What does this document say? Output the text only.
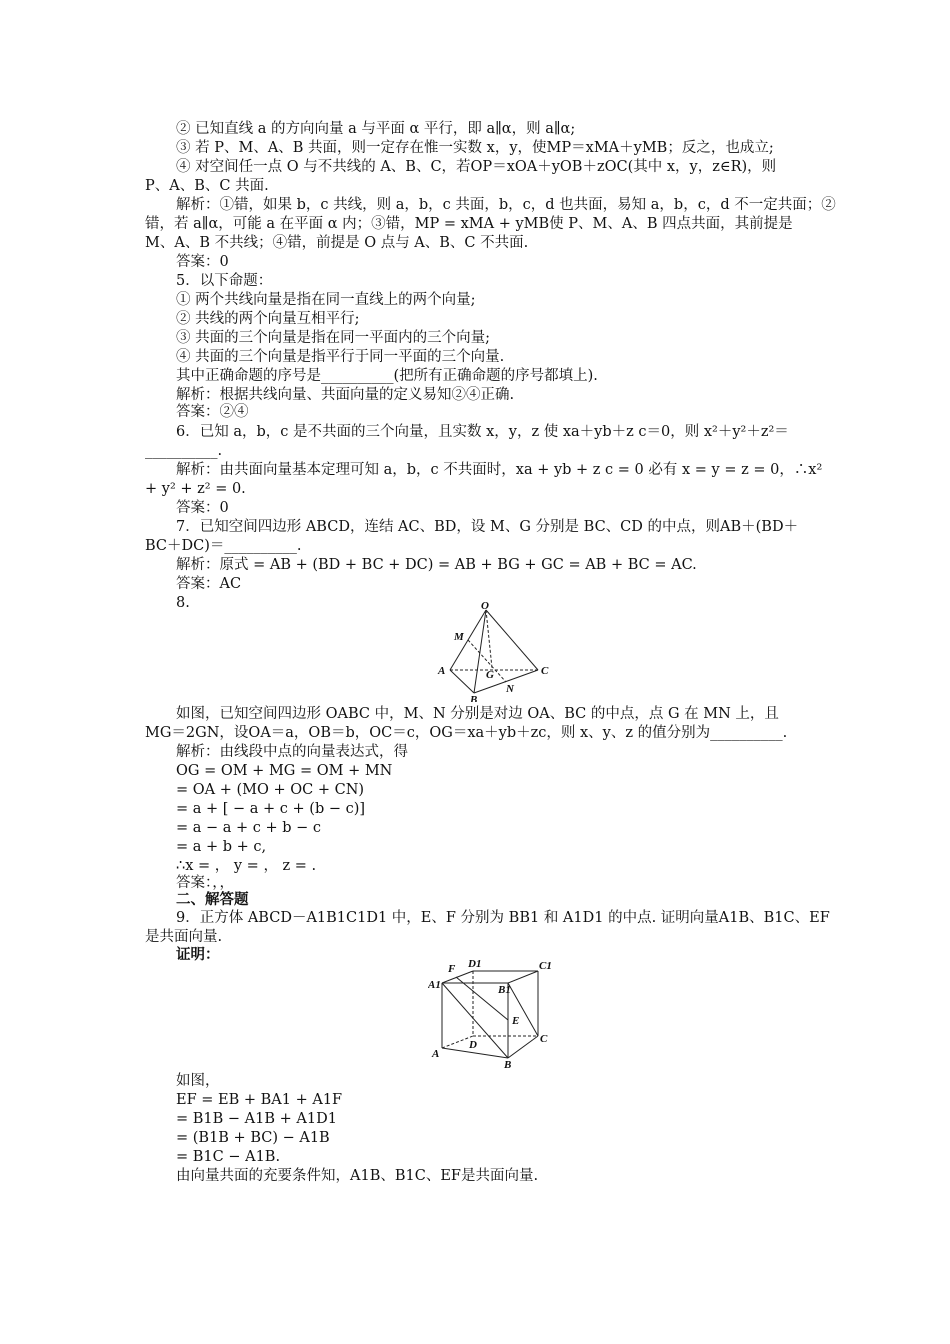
② 已知直线 a 的方向向量 a 与平面 α 平行，即 a∥α，则 a∥α;
③ 若 P、M、A、B 共面，则一定存在惟一实数 x，y，使MP＝xMA＋yMB；反之，也成立;
④ 对空间任一点 O 与不共线的 A、B、C，若OP＝xOA＋yOB＋zOC(其中 x，y，z∈R)，则
P、A、B、C 共面.
解析：①错，如果 b，c 共线，则 a，b，c 共面，b，c，d 也共面，易知 a，b，c，d 不一定共面；②
错，若 a∥α，可能 a 在平面 α 内；③错，MP = xMA + yMB使 P、M、A、B 四点共面，其前提是
M、A、B 不共线；④错，前提是 O 点与 A、B、C 不共面.
答案：0
5．以下命题：
① 两个共线向量是指在同一直线上的两个向量;
② 共线的两个向量互相平行;
③ 共面的三个向量是指在同一平面内的三个向量;
④ 共面的三个向量是指平行于同一平面的三个向量.
其中正确命题的序号是__________(把所有正确命题的序号都填上).
解析：根据共线向量、共面向量的定义易知②④正确.
答案：②④
6．已知 a，b，c 是不共面的三个向量，且实数 x，y，z 使 xa＋yb＋z c＝0，则 x²＋y²＋z²＝
__________.
解析：由共面向量基本定理可知 a，b，c 不共面时，xa + yb + z c = 0 必有 x = y = z = 0，∴x²
+ y² + z² = 0.
答案：0
7．已知空间四边形 ABCD，连结 AC、BD，设 M、G 分别是 BC、CD 的中点，则AB＋(BD＋
BC＋DC)＝__________.
解析：原式 = AB + (BD + BC + DC) = AB + BG + GC = AB + BC = AC.
答案：AC
8.	O
M
A	G
N
B
C
如图，已知空间四边形 OABC 中，M、N 分别是对边 OA、BC 的中点，点 G 在 MN 上，且
MG＝2GN，设OA＝a，OB＝b，OC＝c，OG＝xa＋yb＋zc，则 x、y、z 的值分别为__________.
解析：由线段中点的向量表达式，得
OG = OM + MG = OM + MN
= OA + (MO + OC + CN)
= a + [ − a + c + (b − c)]
= a − a + c + b − c
= a + b + c,
∴x = ， y = ， z = .
答案：，，
二、解答题
9．正方体 ABCD－A1B1C1D1 中，E、F 分别为 BB1 和 A1D1 的中点. 证明向量A1B、B1C、EF
是共面向量.
证明：
F D1
B1
C1
A1
E
D
A
C
B
如图，
EF = EB + BA1 + A1F
= B1B − A1B + A1D1
= (B1B + BC) − A1B
= B1C − A1B.
由向量共面的充要条件知，A1B、B1C、EF是共面向量.
